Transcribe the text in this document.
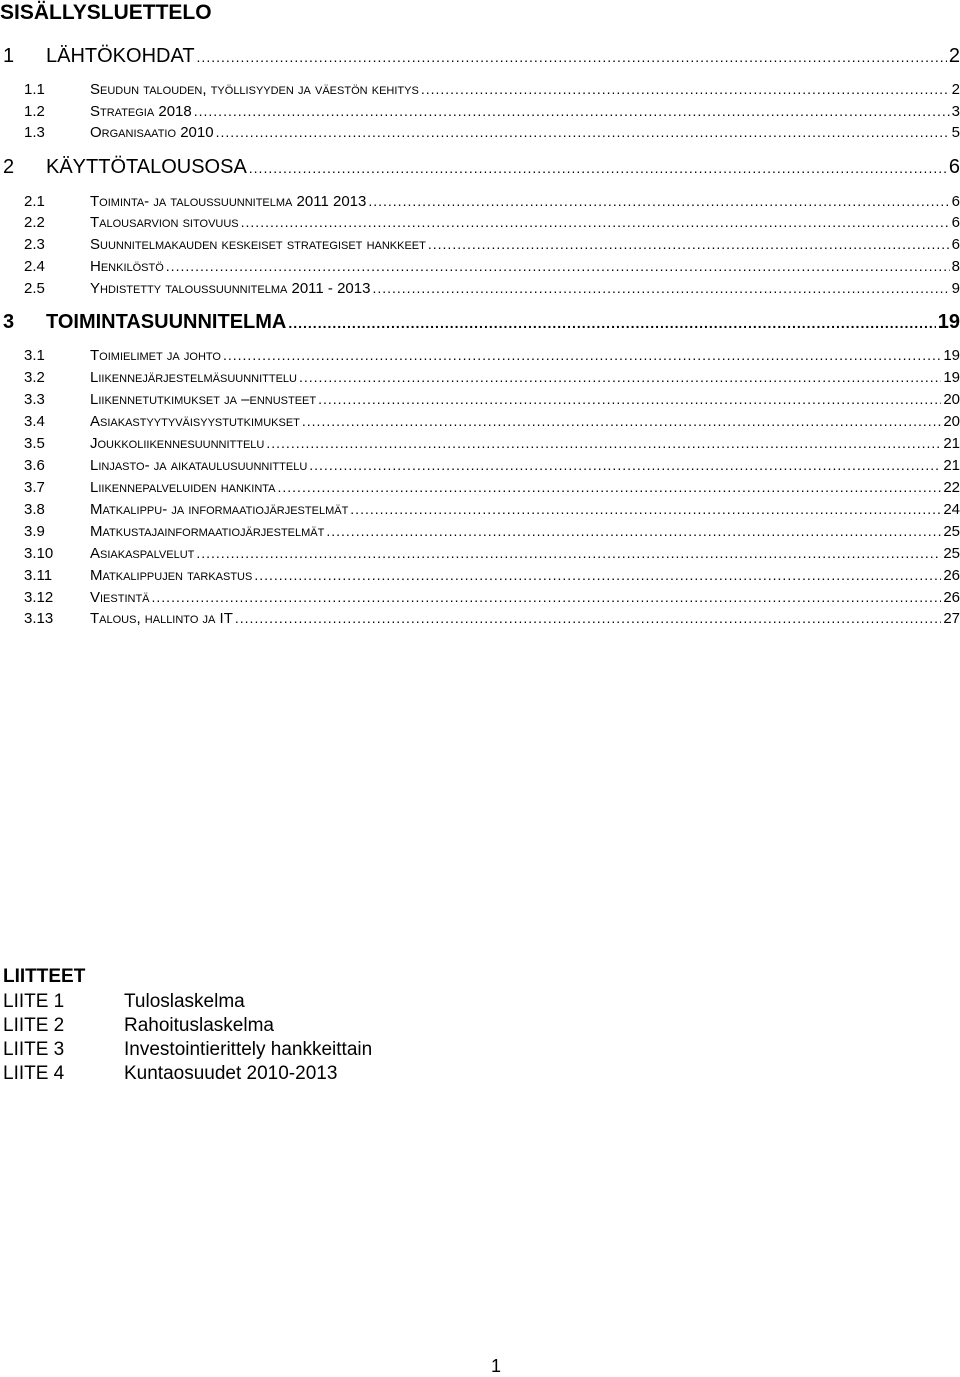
SISÄLLYSLUETTELO
1	LÄHTÖKOHDAT .....	2
1.1	Seudun talouden, työllisyyden ja väestön kehitys .....	2
1.2	Strategia 2018 .....	3
1.3	Organisaatio 2010 .....	5
2	KÄYTTÖTALOUSOSA .....	6
2.1	Toiminta- ja taloussuunnitelma 2011 2013 .....	6
2.2	Talousarvion sitovuus .....	6
2.3	Suunnitelmakauden keskeiset strategiset hankkeet .....	6
2.4	Henkilöstö .....	8
2.5	Yhdistetty taloussuunnitelma 2011 - 2013 .....	9
3	TOIMINTASUUNNITELMA .....	19
3.1	Toimielimet ja johto .....	19
3.2	Liikennejärjestelmäsuunnittelu .....	19
3.3	Liikennetutkimukset ja –ennusteet .....	20
3.4	Asiakastyytyväisyystutkimukset .....	20
3.5	Joukkoliikennesuunnittelu .....	21
3.6	Linjasto- ja aikataulusuunnittelu .....	21
3.7	Liikennepalveluiden hankinta .....	22
3.8	Matkalippu- ja informaatiojärjestelmät .....	24
3.9	Matkustajainformaatiojärjestelmät .....	25
3.10	Asiakaspalvelut .....	25
3.11	Matkalippujen tarkastus .....	26
3.12	Viestintä .....	26
3.13	Talous, hallinto ja IT .....	27
LIITTEET
LIITE 1	Tuloslaskelma
LIITE 2	Rahoituslaskelma
LIITE 3	Investointierittely hankkeittain
LIITE 4	Kuntaosuudet 2010-2013
1
